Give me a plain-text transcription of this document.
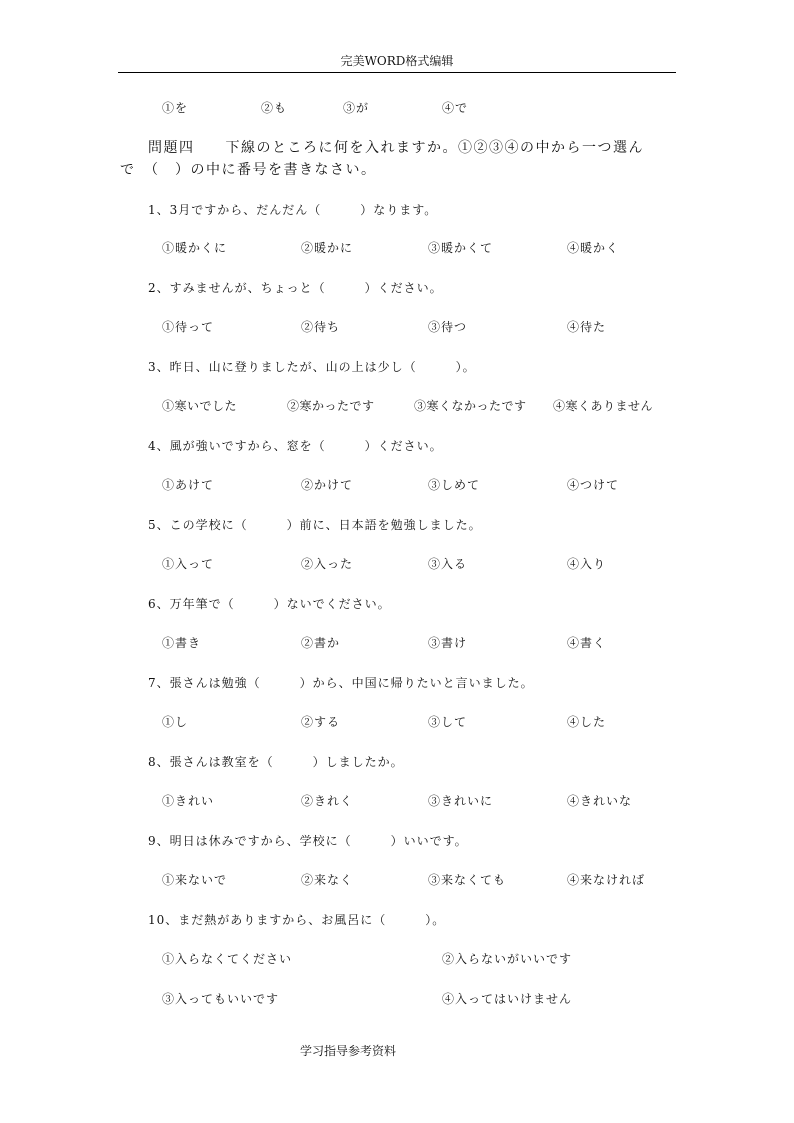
完美WORD格式编辑
①を	②も	③が	④で
問題四　　下線のところに何を入れますか。①②③④の中から一つ選ん
で　（　）の中に番号を書きなさい。
1、3月ですから、だんだん（　　　）なります。
①暖かくに	②暖かに	③暖かくて	④暖かく
2、すみませんが、ちょっと（　　　）ください。
①待って	②待ち	③待つ	④待た
3、昨日、山に登りましたが、山の上は少し（　　　）。
①寒いでした	②寒かったです	③寒くなかったです ④寒くありません
4、風が強いですから、窓を（　　　）ください。
①あけて	②かけて	③しめて	④つけて
5、この学校に（　　　）前に、日本語を勉強しました。
①入って	②入った	③入る	④入り
6、万年筆で（　　　）ないでください。
①書き	②書か	③書け	④書く
7、張さんは勉強（　　　）から、中国に帰りたいと言いました。
①し	②する	③して	④した
8、張さんは教室を（　　　）しましたか。
①きれい	②きれく	③きれいに	④きれいな
9、明日は休みですから、学校に（　　　）いいです。
①来ないで	②来なく	③来なくても	④来なければ
10、まだ熱がありますから、お風呂に（　　　）。
①入らなくてください	②入らないがいいです
③入ってもいいです	④入ってはいけません
学习指导参考资料
